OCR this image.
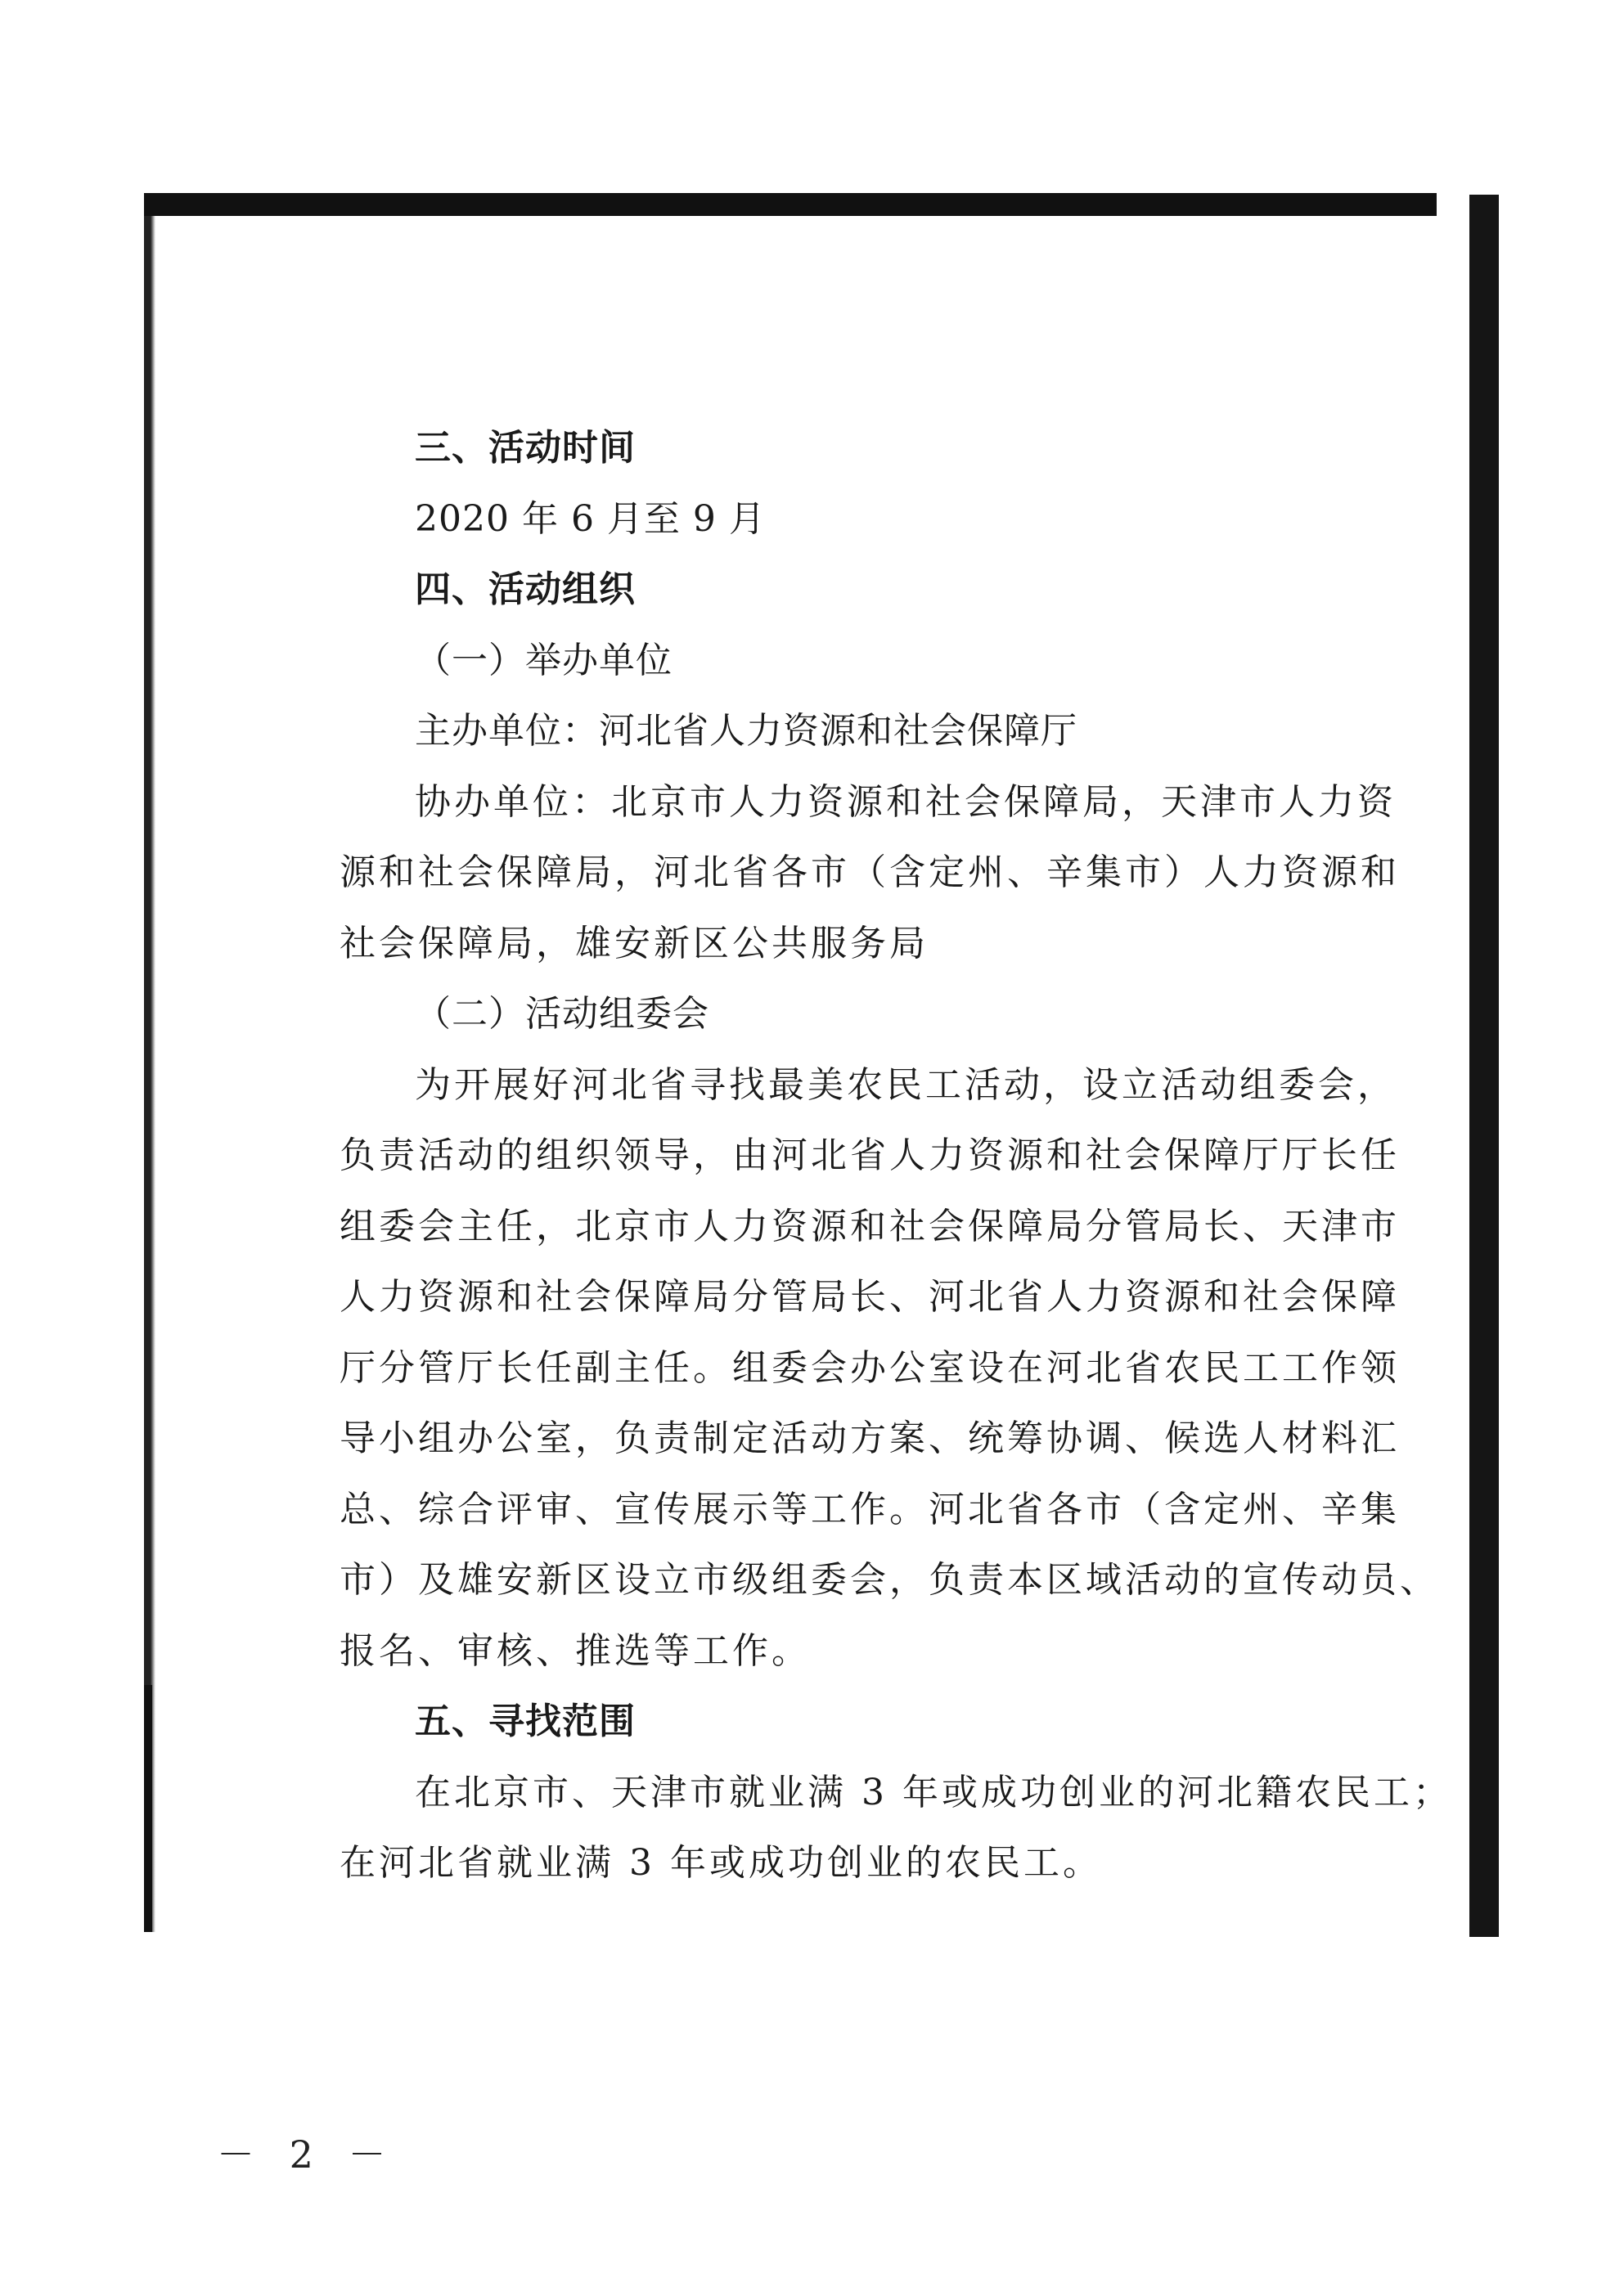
三、活动时间
2020 年 6 月至 9 月
四、活动组织
（一）举办单位
主办单位：河北省人力资源和社会保障厅
协办单位：北京市人力资源和社会保障局，天津市人力资
源和社会保障局，河北省各市（含定州、辛集市）人力资源和
社会保障局，雄安新区公共服务局
（二）活动组委会
为开展好河北省寻找最美农民工活动，设立活动组委会，
负责活动的组织领导，由河北省人力资源和社会保障厅厅长任
组委会主任，北京市人力资源和社会保障局分管局长、天津市
人力资源和社会保障局分管局长、河北省人力资源和社会保障
厅分管厅长任副主任。组委会办公室设在河北省农民工工作领
导小组办公室，负责制定活动方案、统筹协调、候选人材料汇
总、综合评审、宣传展示等工作。河北省各市（含定州、辛集
市）及雄安新区设立市级组委会，负责本区域活动的宣传动员、
报名、审核、推选等工作。
五、寻找范围
在北京市、天津市就业满 3 年或成功创业的河北籍农民工；
在河北省就业满 3 年或成功创业的农民工。
－ 2 －
